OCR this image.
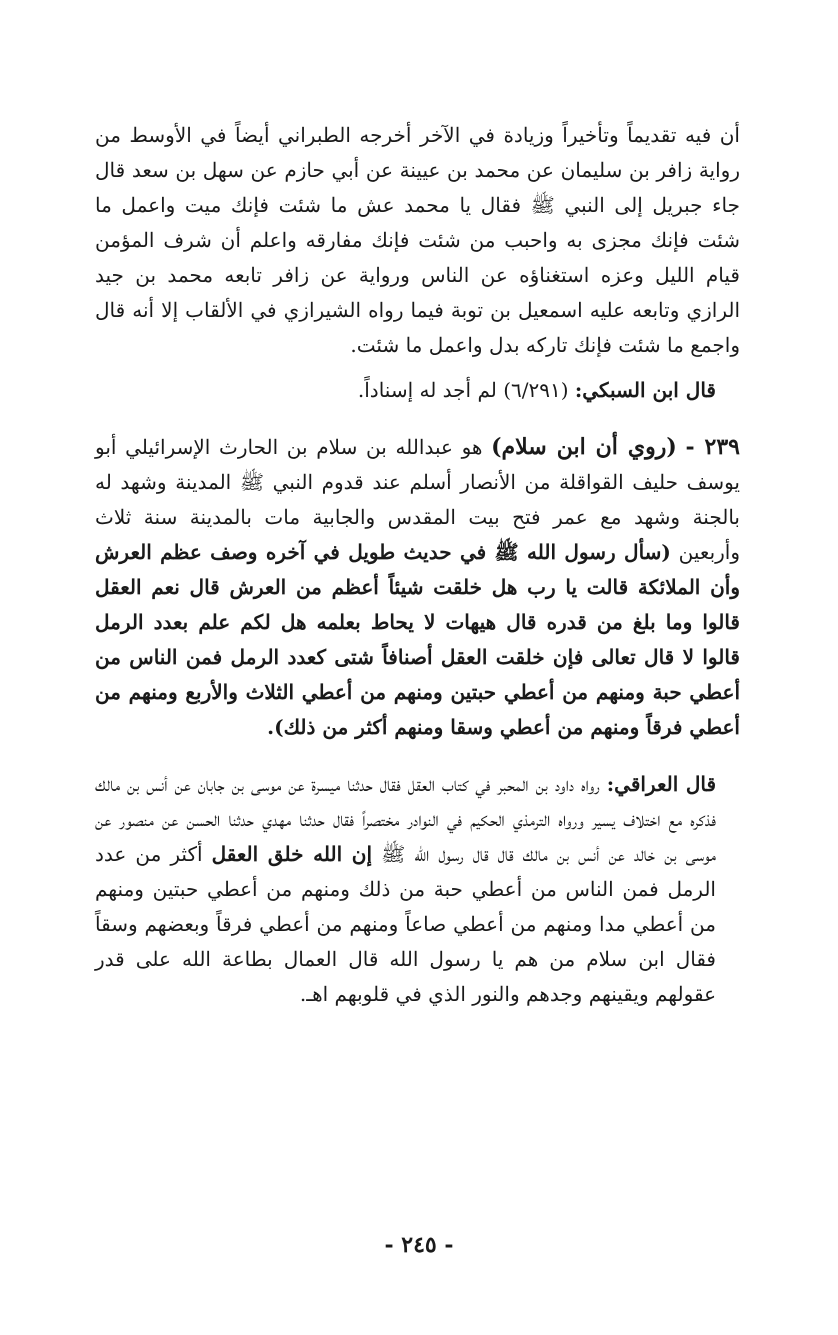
أن فيه تقديماً وتأخيراً وزيادة في الآخر أخرجه الطبراني أيضاً في الأوسط من رواية زافر بن سليمان عن محمد بن عيينة عن أبي حازم عن سهل بن سعد قال جاء جبريل إلى النبي ﷺ فقال يا محمد عش ما شئت فإنك ميت واعمل ما شئت فإنك مجزى به واحبب من شئت فإنك مفارقه واعلم أن شرف المؤمن قيام الليل وعزه استغناؤه عن الناس ورواية عن زافر تابعه محمد بن جيد الرازي وتابعه عليه اسمعيل بن توبة فيما رواه الشيرازي في الألقاب إلا أنه قال واجمع ما شئت فإنك تاركه بدل واعمل ما شئت.

قال ابن السبكي: (٦/٢٩١) لم أجد له إسناداً.

٢٣٩ - (روي أن ابن سلام) هو عبدالله بن سلام بن الحارث الإسرائيلي أبو يوسف حليف القواقلة من الأنصار أسلم عند قدوم النبي ﷺ المدينة وشهد له بالجنة وشهد مع عمر فتح بيت المقدس والجابية مات بالمدينة سنة ثلاث وأربعين (سأل رسول الله ﷺ في حديث طويل في آخره وصف عظم العرش وأن الملائكة قالت يا رب هل خلقت شيئاً أعظم من العرش قال نعم العقل قالوا وما بلغ من قدره قال هيهات لا يحاط بعلمه هل لكم علم بعدد الرمل قالوا لا قال تعالى فإن خلقت العقل أصنافاً شتى كعدد الرمل فمن الناس من أعطي حبة ومنهم من أعطي حبتين ومنهم من أعطي الثلاث والأربع ومنهم من أعطي فرقاً ومنهم من أعطي وسقا ومنهم أكثر من ذلك).

قال العراقي: رواه داود بن المحبر في كتاب العقل فقال حدثنا ميسرة عن موسى بن جابان عن أنس بن مالك فذكره مع اختلاف يسير ورواه الترمذي الحكيم في النوادر مختصراً فقال حدثنا مهدي حدثنا الحسن عن منصور عن موسى بن خالد عن أنس بن مالك قال قال رسول الله ﷺ إن الله خلق العقل أكثر من عدد الرمل فمن الناس من أعطي حبة من ذلك ومنهم من أعطي حبتين ومنهم من أعطي مدا ومنهم من أعطي صاعاً ومنهم من أعطي فرقاً وبعضهم وسقاً فقال ابن سلام من هم يا رسول الله قال العمال بطاعة الله على قدر عقولهم ويقينهم وجدهم والنور الذي في قلوبهم اهـ.

- ٢٤٥ -
